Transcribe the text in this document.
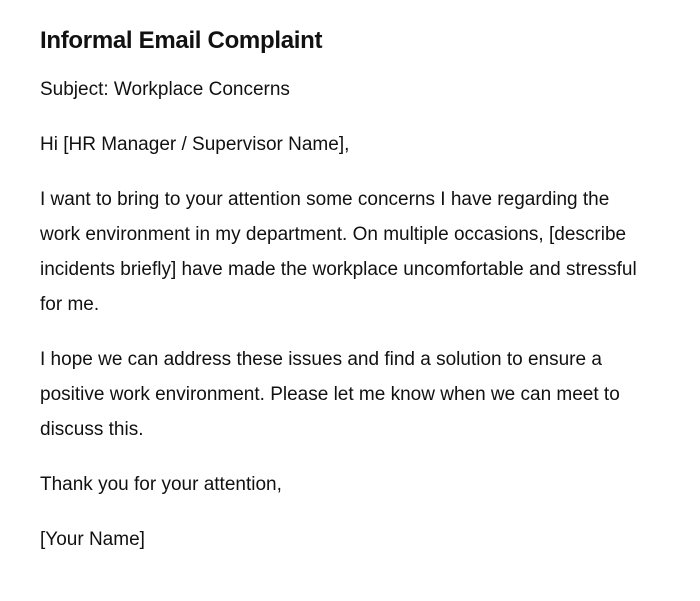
Informal Email Complaint

Subject: Workplace Concerns

Hi [HR Manager / Supervisor Name],

I want to bring to your attention some concerns I have regarding the work environment in my department. On multiple occasions, [describe incidents briefly] have made the workplace uncomfortable and stressful for me.

I hope we can address these issues and find a solution to ensure a positive work environment. Please let me know when we can meet to discuss this.

Thank you for your attention,

[Your Name]
